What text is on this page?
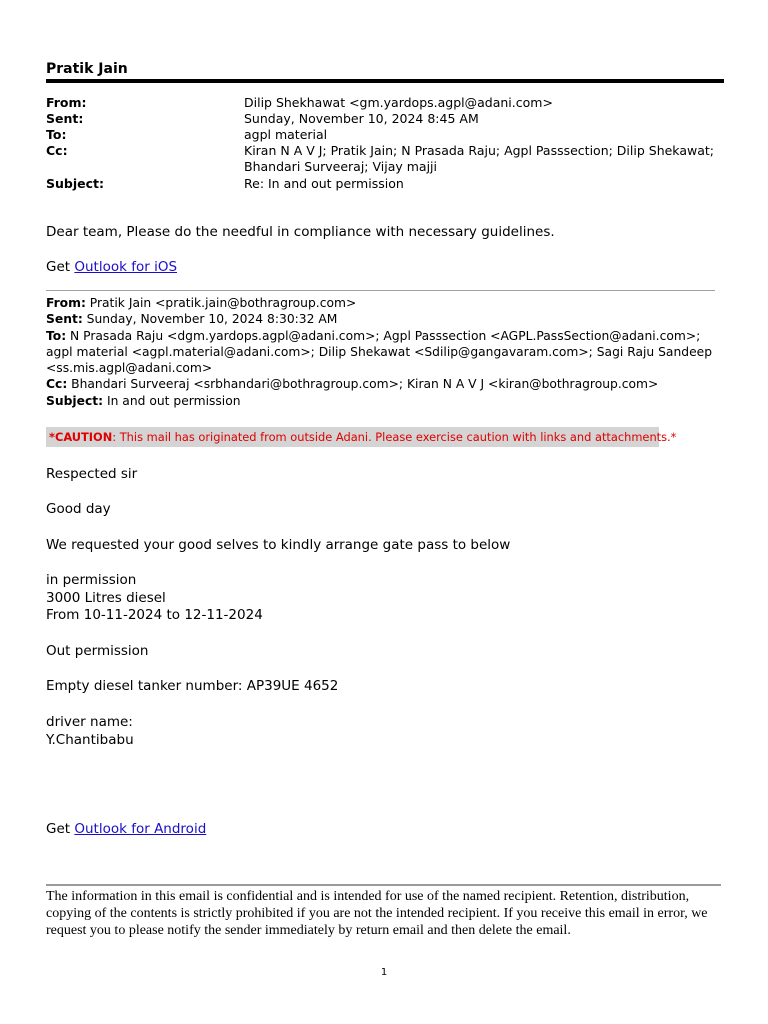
Pratik Jain
From:	Dilip Shekhawat <gm.yardops.agpl@adani.com>
Sent:	Sunday, November 10, 2024 8:45 AM
To:	agpl material
Cc:	Kiran N A V J; Pratik Jain; N Prasada Raju; Agpl Passsection; Dilip Shekawat; Bhandari Surveeraj; Vijay majji
Subject:	Re: In and out permission
Dear team, Please do the needful in compliance with necessary guidelines.
Get Outlook for iOS
From: Pratik Jain <pratik.jain@bothragroup.com>
Sent: Sunday, November 10, 2024 8:30:32 AM
To: N Prasada Raju <dgm.yardops.agpl@adani.com>; Agpl Passsection <AGPL.PassSection@adani.com>; agpl material <agpl.material@adani.com>; Dilip Shekawat <Sdilip@gangavaram.com>; Sagi Raju Sandeep <ss.mis.agpl@adani.com>
Cc: Bhandari Surveeraj <srbhandari@bothragroup.com>; Kiran N A V J <kiran@bothragroup.com>
Subject: In and out permission
*CAUTION: This mail has originated from outside Adani. Please exercise caution with links and attachments.*
Respected sir
Good day
We requested your good selves to kindly arrange gate pass to below
in permission
3000 Litres diesel
From 10-11-2024 to 12-11-2024
Out permission
Empty diesel tanker number: AP39UE 4652
driver name:
Y.Chantibabu
Get Outlook for Android
The information in this email is confidential and is intended for use of the named recipient. Retention, distribution, copying of the contents is strictly prohibited if you are not the intended recipient. If you receive this email in error, we request you to please notify the sender immediately by return email and then delete the email.
1
